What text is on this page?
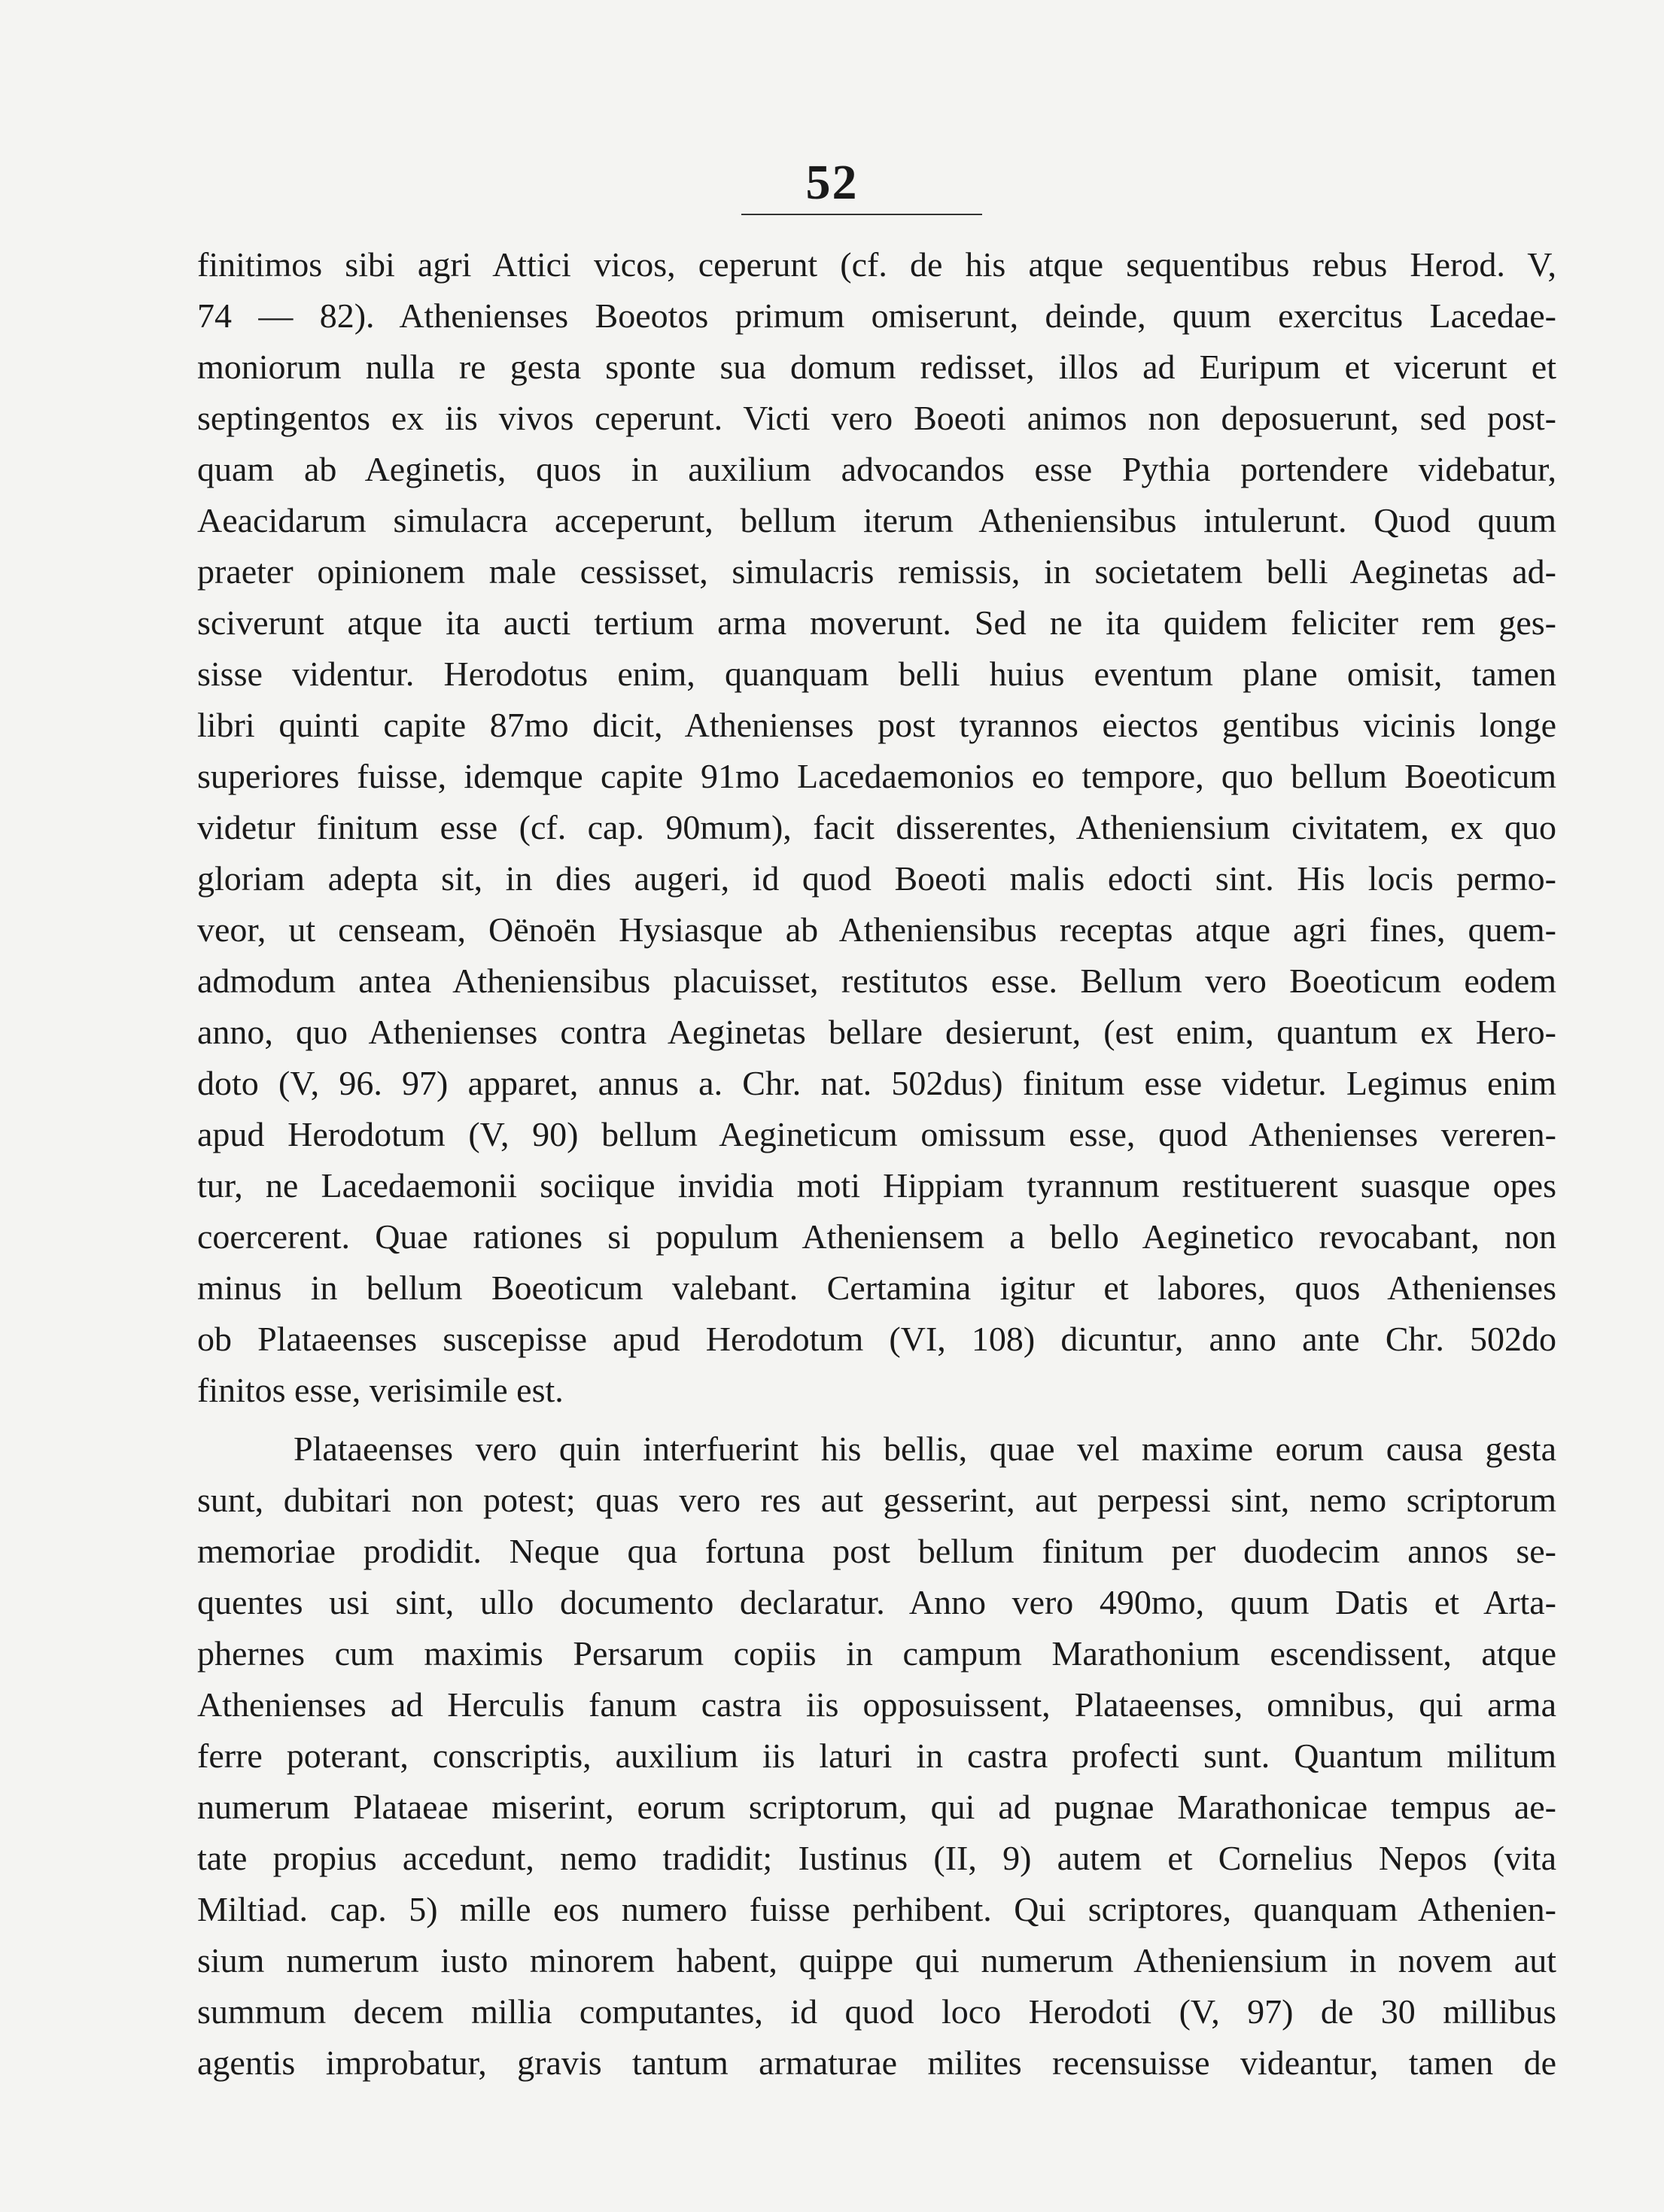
52
finitimos sibi agri Attici vicos, ceperunt (cf. de his atque sequentibus rebus Herod. V,
74 — 82). Athenienses Boeotos primum omiserunt, deinde, quum exercitus Lacedae-
moniorum nulla re gesta sponte sua domum redisset, illos ad Euripum et vicerunt et
septingentos ex iis vivos ceperunt. Victi vero Boeoti animos non deposuerunt, sed post-
quam ab Aeginetis, quos in auxilium advocandos esse Pythia portendere videbatur,
Aeacidarum simulacra acceperunt, bellum iterum Atheniensibus intulerunt. Quod quum
praeter opinionem male cessisset, simulacris remissis, in societatem belli Aeginetas ad-
sciverunt atque ita aucti tertium arma moverunt. Sed ne ita quidem feliciter rem ges-
sisse videntur. Herodotus enim, quanquam belli huius eventum plane omisit, tamen
libri quinti capite 87mo dicit, Athenienses post tyrannos eiectos gentibus vicinis longe
superiores fuisse, idemque capite 91mo Lacedaemonios eo tempore, quo bellum Boeoticum
videtur finitum esse (cf. cap. 90mum), facit disserentes, Atheniensium civitatem, ex quo
gloriam adepta sit, in dies augeri, id quod Boeoti malis edocti sint. His locis permo-
veor, ut censeam, Oënoën Hysiasque ab Atheniensibus receptas atque agri fines, quem-
admodum antea Atheniensibus placuisset, restitutos esse. Bellum vero Boeoticum eodem
anno, quo Athenienses contra Aeginetas bellare desierunt, (est enim, quantum ex Hero-
doto (V, 96. 97) apparet, annus a. Chr. nat. 502dus) finitum esse videtur. Legimus enim
apud Herodotum (V, 90) bellum Aegineticum omissum esse, quod Athenienses vereren-
tur, ne Lacedaemonii sociique invidia moti Hippiam tyrannum restituerent suasque opes
coercerent. Quae rationes si populum Atheniensem a bello Aeginetico revocabant, non
minus in bellum Boeoticum valebant. Certamina igitur et labores, quos Athenienses
ob Plataeenses suscepisse apud Herodotum (VI, 108) dicuntur, anno ante Chr. 502do
finitos esse, verisimile est.
Plataeenses vero quin interfuerint his bellis, quae vel maxime eorum causa gesta
sunt, dubitari non potest; quas vero res aut gesserint, aut perpessi sint, nemo scriptorum
memoriae prodidit. Neque qua fortuna post bellum finitum per duodecim annos se-
quentes usi sint, ullo documento declaratur. Anno vero 490mo, quum Datis et Arta-
phernes cum maximis Persarum copiis in campum Marathonium escendissent, atque
Athenienses ad Herculis fanum castra iis opposuissent, Plataeenses, omnibus, qui arma
ferre poterant, conscriptis, auxilium iis laturi in castra profecti sunt. Quantum militum
numerum Plataeae miserint, eorum scriptorum, qui ad pugnae Marathonicae tempus ae-
tate propius accedunt, nemo tradidit; Iustinus (II, 9) autem et Cornelius Nepos (vita
Miltiad. cap. 5) mille eos numero fuisse perhibent. Qui scriptores, quanquam Athenien-
sium numerum iusto minorem habent, quippe qui numerum Atheniensium in novem aut
summum decem millia computantes, id quod loco Herodoti (V, 97) de 30 millibus
agentis improbatur, gravis tantum armaturae milites recensuisse videantur, tamen de
